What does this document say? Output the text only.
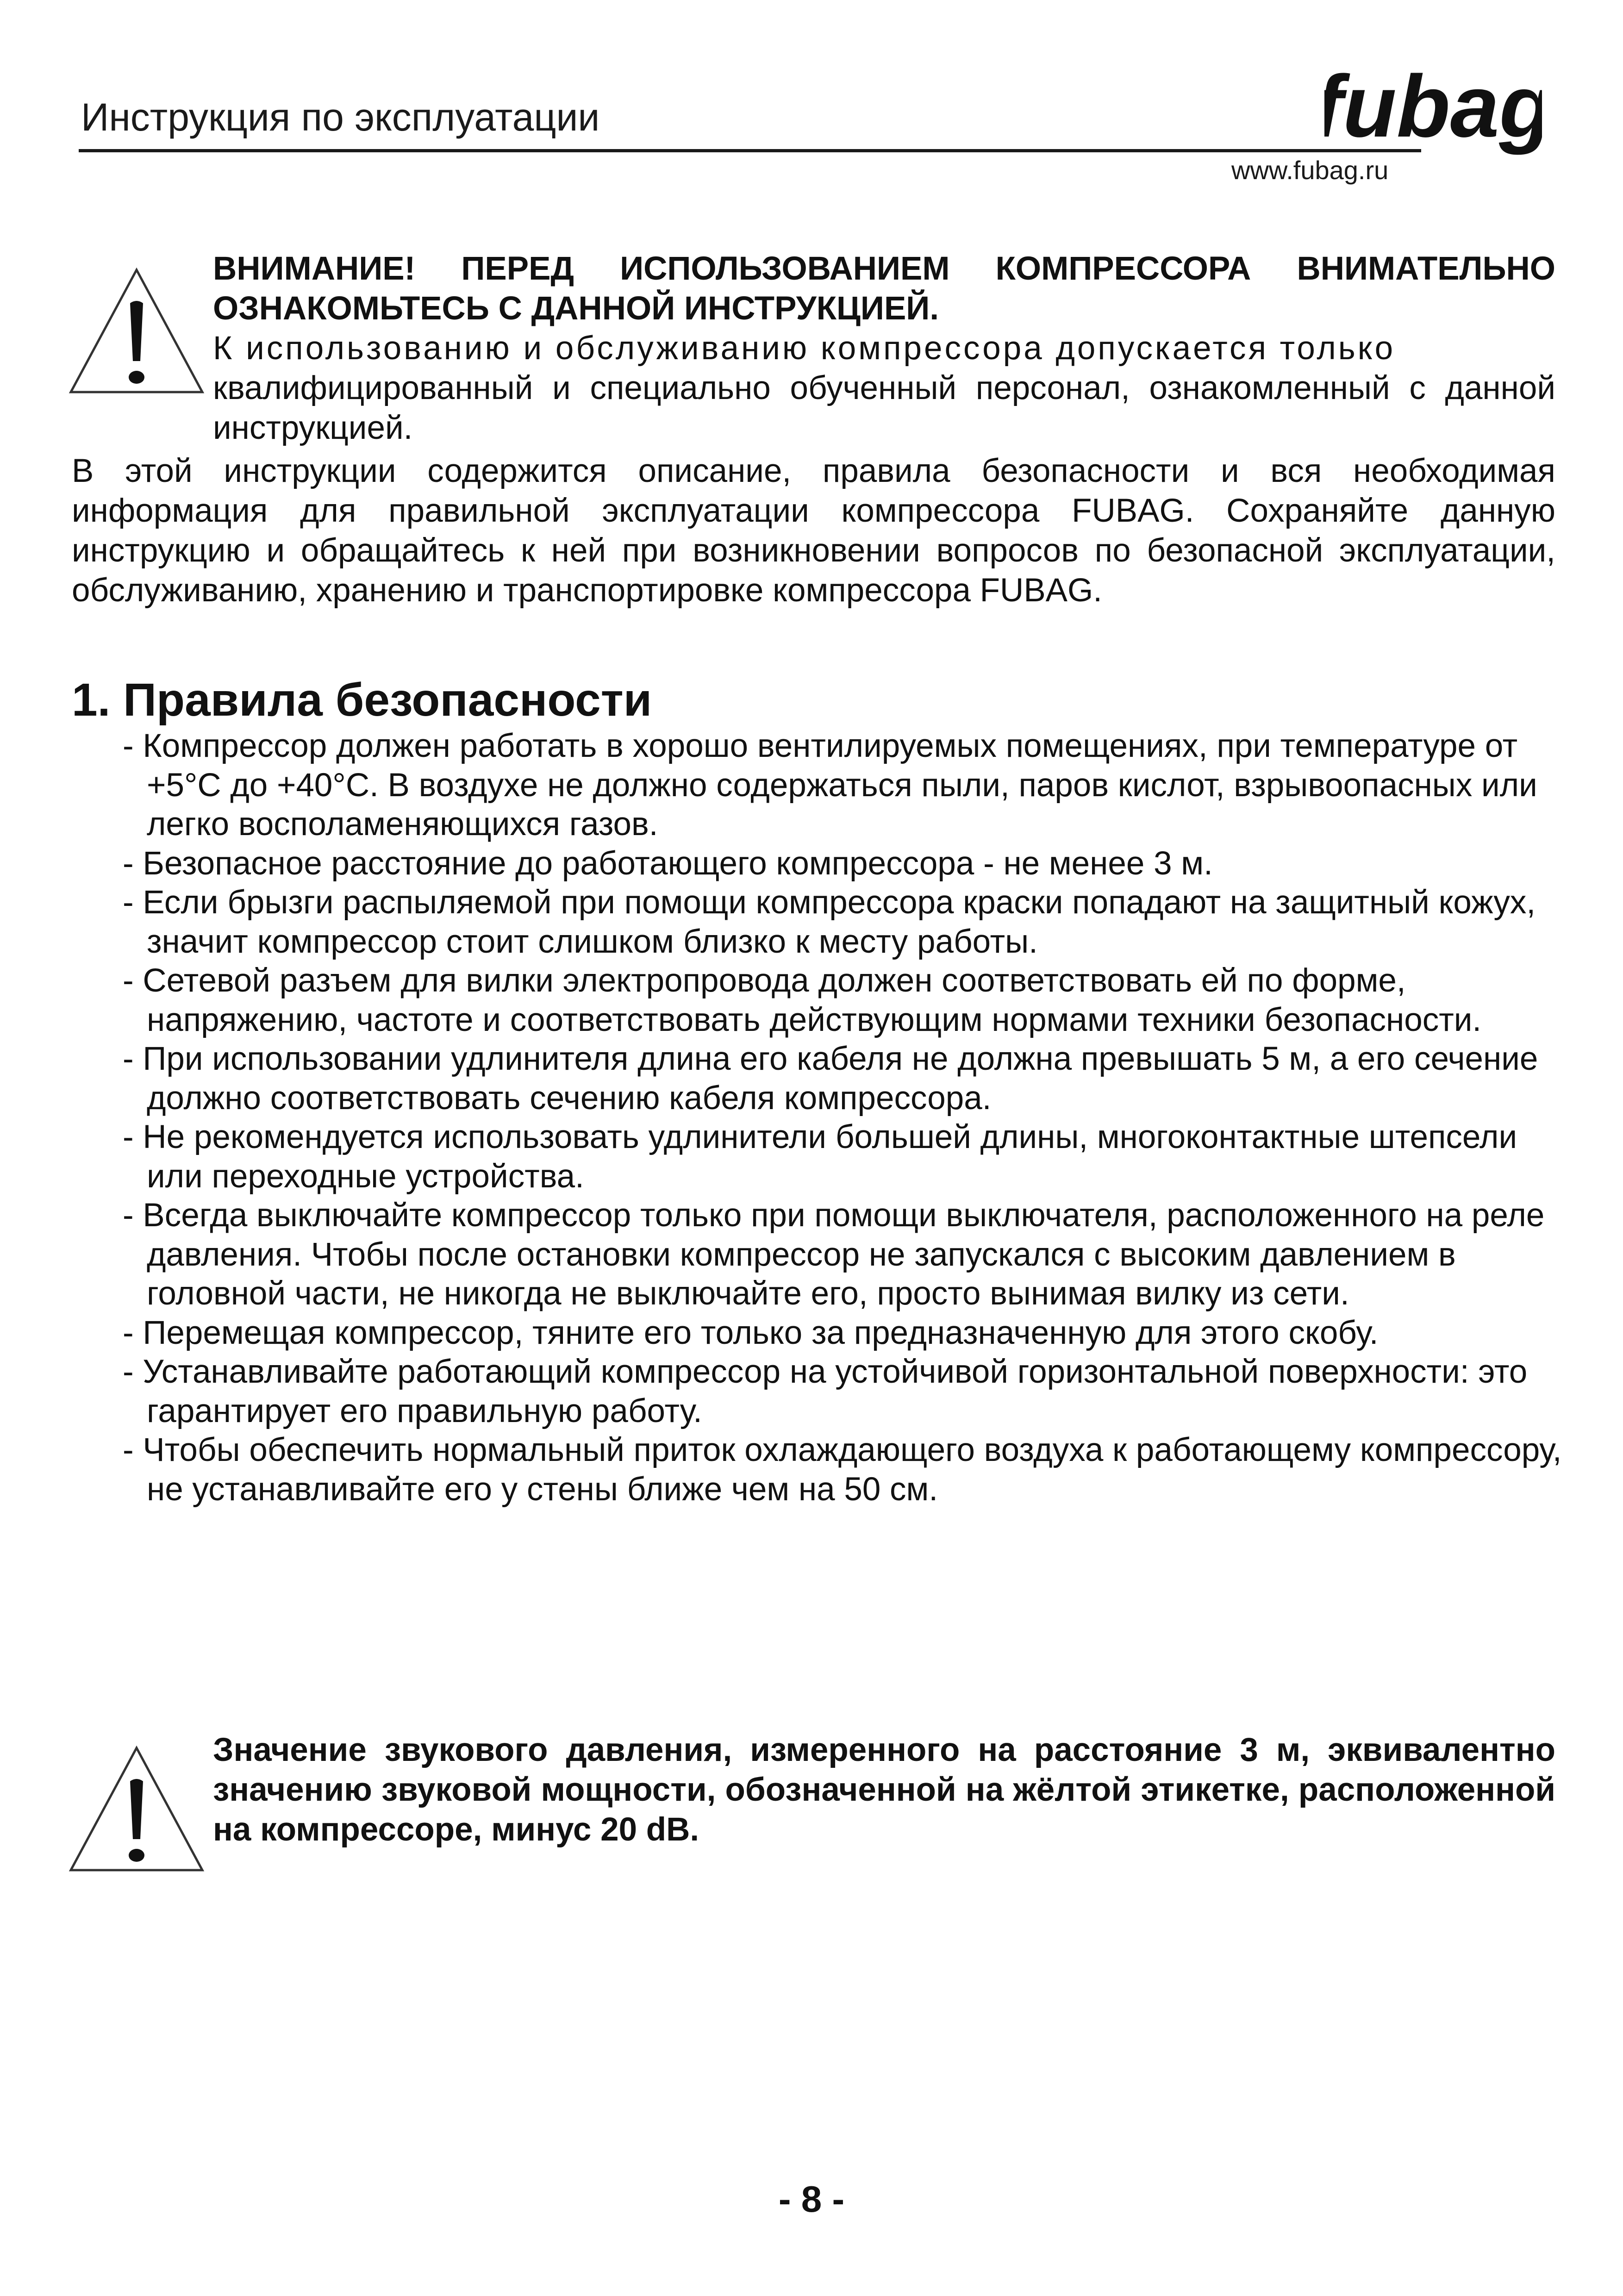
Инструкция по эксплуатации	fubag
www.fubag.ru
ВНИМАНИЕ! ПЕРЕД ИСПОЛЬЗОВАНИЕМ КОМПРЕССОРА ВНИМАТЕЛЬНО ОЗНАКОМЬТЕСЬ С ДАННОЙ ИНСТРУКЦИЕЙ.
К использованию и обслуживанию компрессора допускается только
квалифицированный и специально обученный персонал, ознакомленный с данной инструкцией.
В этой инструкции содержится описание, правила безопасности и вся необходимая информация для правильной эксплуатации компрессора FUBAG. Сохраняйте данную инструкцию и обращайтесь к ней при возникновении вопросов по безопасной эксплуатации, обслуживанию, хранению и транспортировке компрессора FUBAG.
1. Правила безопасности
- Компрессор должен работать в хорошо вентилируемых помещениях, при температуре от +5°С до +40°С. В воздухе не должно содержаться пыли, паров кислот, взрывоопасных или легко восполаменяющихся газов.
- Безопасное расстояние до работающего компрессора - не менее 3 м.
- Если брызги распыляемой при помощи компрессора краски попадают на защитный кожух, значит компрессор стоит слишком близко к месту работы.
- Сетевой разъем для вилки электропровода должен соответствовать ей по форме, напряжению, частоте и соответствовать действующим нормами техники безопасности.
- При использовании удлинителя длина его кабеля не должна превышать 5 м, а его сечение должно соответствовать сечению кабеля компрессора.
- Не рекомендуется использовать удлинители большей длины, многоконтактные штепсели или переходные устройства.
- Всегда выключайте компрессор только при помощи выключателя, расположенного на реле давления. Чтобы после остановки компрессор не запускался с высоким давлением в головной части, не никогда не выключайте его, просто вынимая вилку из сети.
- Перемещая компрессор, тяните его только за предназначенную для этого скобу.
- Устанавливайте работающий компрессор на устойчивой горизонтальной поверхности: это гарантирует его правильную работу.
- Чтобы обеспечить нормальный приток охлаждающего воздуха к работающему компрессору, не устанавливайте его у стены ближе чем на 50 см.
Значение звукового давления, измеренного на расстояние 3 м, эквивалентно значению звуковой мощности, обозначенной на жёлтой этикетке, расположенной на компрессоре, минус 20 dB.
- 8 -
